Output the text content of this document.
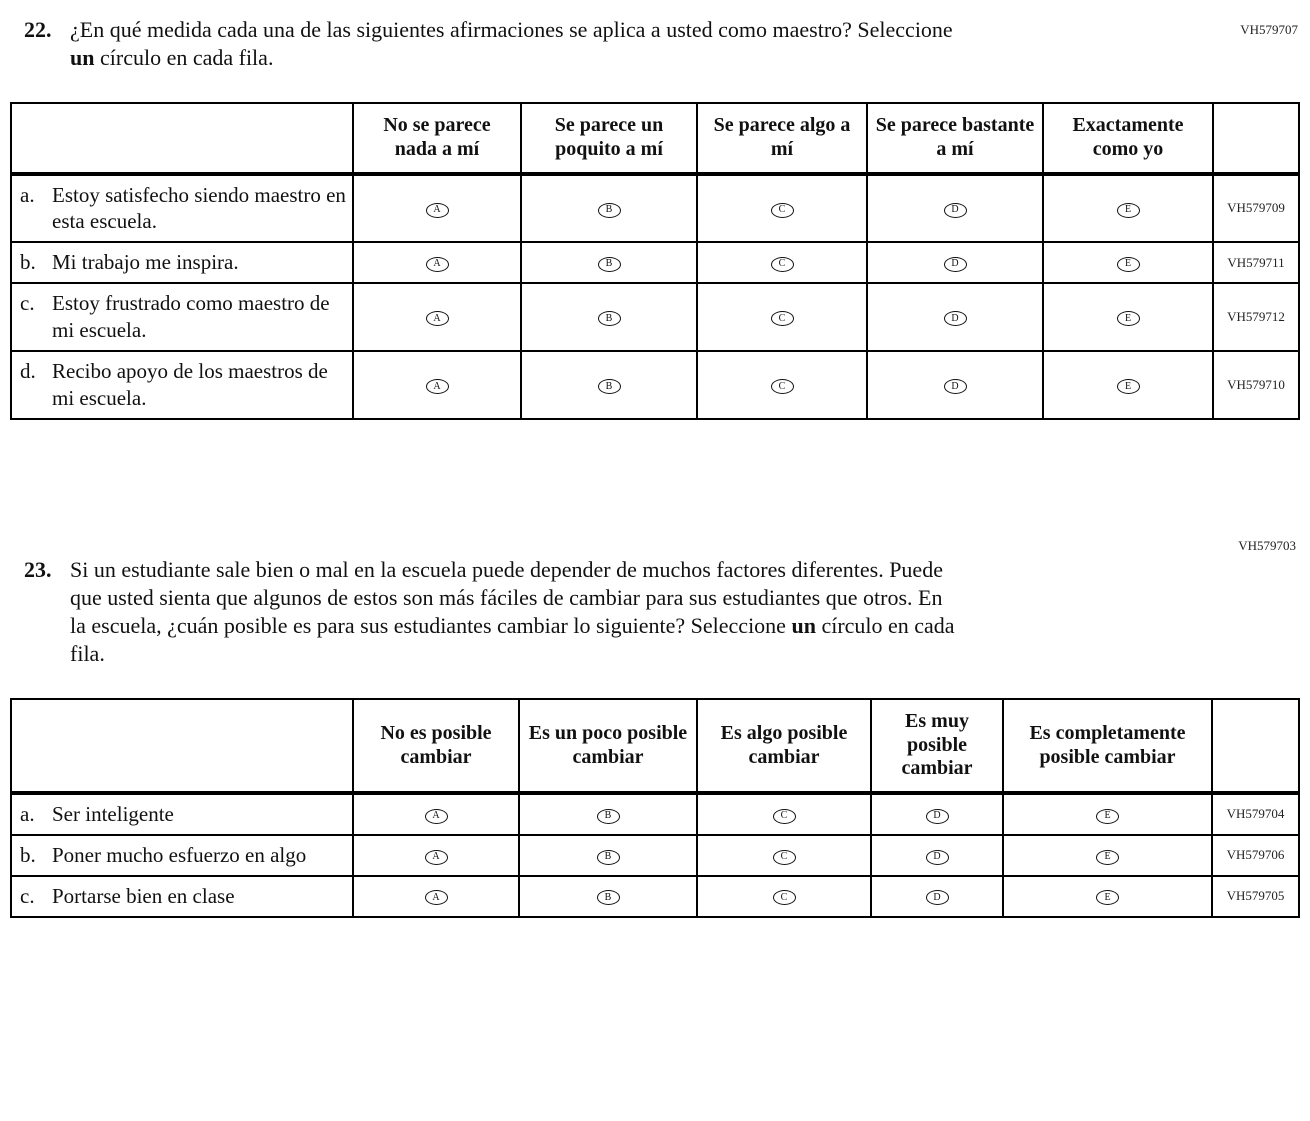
VH579707
22. ¿En qué medida cada una de las siguientes afirmaciones se aplica a usted como maestro? Seleccione un círculo en cada fila.
	No se parece nada a mí	Se parece un poquito a mí	Se parece algo a mí	Se parece bastante a mí	Exactamente como yo	

a. Estoy satisfecho siendo maestro en esta escuela.	A	B	C	D	E	VH579709

b. Mi trabajo me inspira.	A	B	C	D	E	VH579711

c. Estoy frustrado como maestro de mi escuela.	A	B	C	D	E	VH579712

d. Recibo apoyo de los maestros de mi escuela.	A	B	C	D	E	VH579710
VH579703
23. Si un estudiante sale bien o mal en la escuela puede depender de muchos factores diferentes. Puede que usted sienta que algunos de estos son más fáciles de cambiar para sus estudiantes que otros. En la escuela, ¿cuán posible es para sus estudiantes cambiar lo siguiente? Seleccione un círculo en cada fila.
	No es posible cambiar	Es un poco posible cambiar	Es algo posible cambiar	Es muy posible cambiar	Es completamente posible cambiar	

a. Ser inteligente	A	B	C	D	E	VH579704

b. Poner mucho esfuerzo en algo	A	B	C	D	E	VH579706

c. Portarse bien en clase	A	B	C	D	E	VH579705
